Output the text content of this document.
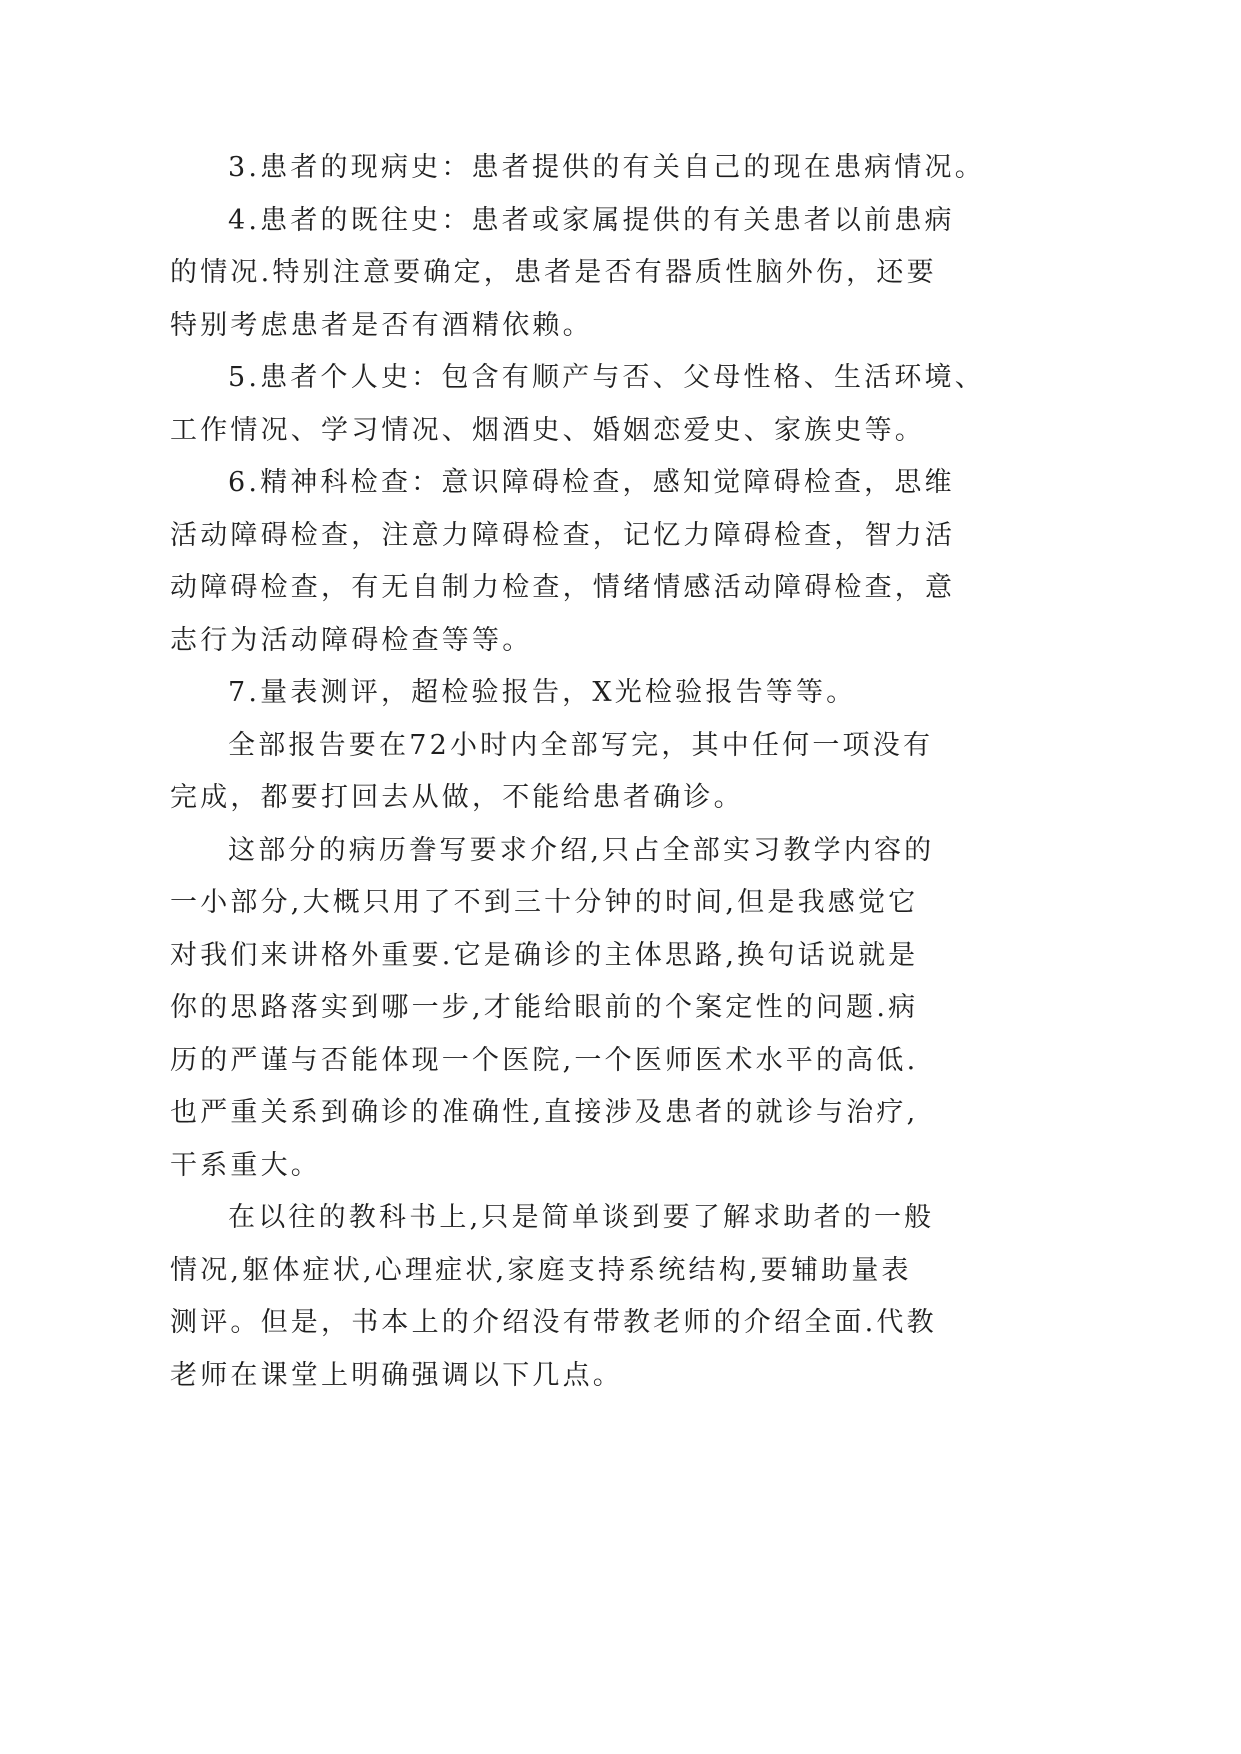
3.患者的现病史：患者提供的有关自己的现在患病情况。
4.患者的既往史：患者或家属提供的有关患者以前患病
的情况.特别注意要确定，患者是否有器质性脑外伤，还要
特别考虑患者是否有酒精依赖。
5.患者个人史：包含有顺产与否、父母性格、生活环境、
工作情况、学习情况、烟酒史、婚姻恋爱史、家族史等。
6.精神科检查：意识障碍检查，感知觉障碍检查，思维
活动障碍检查，注意力障碍检查，记忆力障碍检查，智力活
动障碍检查，有无自制力检查，情绪情感活动障碍检查，意
志行为活动障碍检查等等。
7.量表测评，超检验报告，X光检验报告等等。
全部报告要在72小时内全部写完，其中任何一项没有
完成，都要打回去从做，不能给患者确诊。
这部分的病历誊写要求介绍,只占全部实习教学内容的
一小部分,大概只用了不到三十分钟的时间,但是我感觉它
对我们来讲格外重要.它是确诊的主体思路,换句话说就是
你的思路落实到哪一步,才能给眼前的个案定性的问题.病
历的严谨与否能体现一个医院,一个医师医术水平的高低.
也严重关系到确诊的准确性,直接涉及患者的就诊与治疗,
干系重大。
在以往的教科书上,只是简单谈到要了解求助者的一般
情况,躯体症状,心理症状,家庭支持系统结构,要辅助量表
测评。但是，书本上的介绍没有带教老师的介绍全面.代教
老师在课堂上明确强调以下几点。
